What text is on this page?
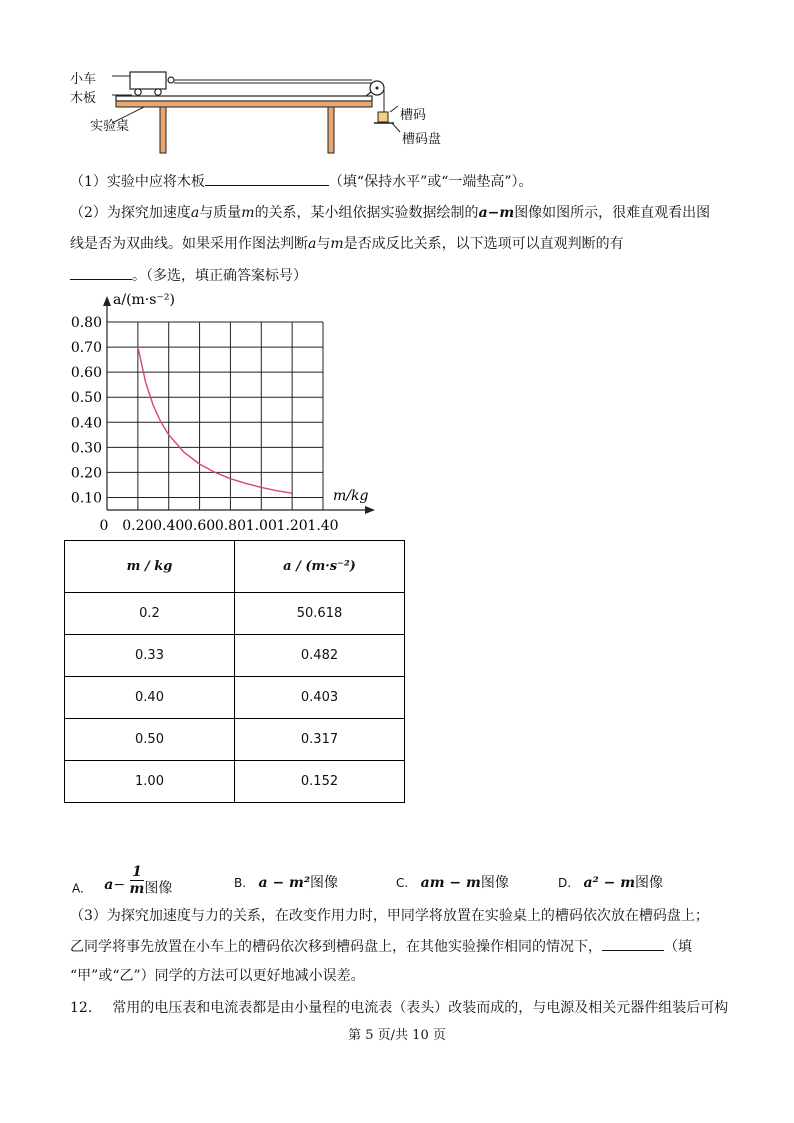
小车
木板
实验桌
槽码
槽码盘
（1）实验中应将木板	（填“保持水平”或“一端垫高”）。
（2）为探究加速度a与质量m的关系，某小组依据实验数据绘制的a−m图像如图所示，很难直观看出图
线是否为双曲线。如果采用作图法判断a与m是否成反比关系，以下选项可以直观判断的有
。（多选，填正确答案标号）
0.10
0.20
0.30
0.40
0.50
0.60
0.70
0.80
0 0.20 0.40 0.60 0.80 1.00 1.20 1.40
a/(m·s⁻²)
m/kg
m / kg	a / (m·s⁻²)
0.2	50.618
0.33	0.482
0.40	0.403
0.50	0.317
1.00	0.152
A. $a- \frac{1}{m}$ 图像	B. a − m²图像	C. am − m图像	D. a² − m图像
（3）为探究加速度与力的关系，在改变作用力时，甲同学将放置在实验桌上的槽码依次放在槽码盘上；
乙同学将事先放置在小车上的槽码依次移到槽码盘上，在其他实验操作相同的情况下，	（填
“甲”或“乙”）同学的方法可以更好地减小误差。
12. 常用的电压表和电流表都是由小量程的电流表（表头）改装而成的，与电源及相关元器件组装后可构
第 5 页/共 10 页
